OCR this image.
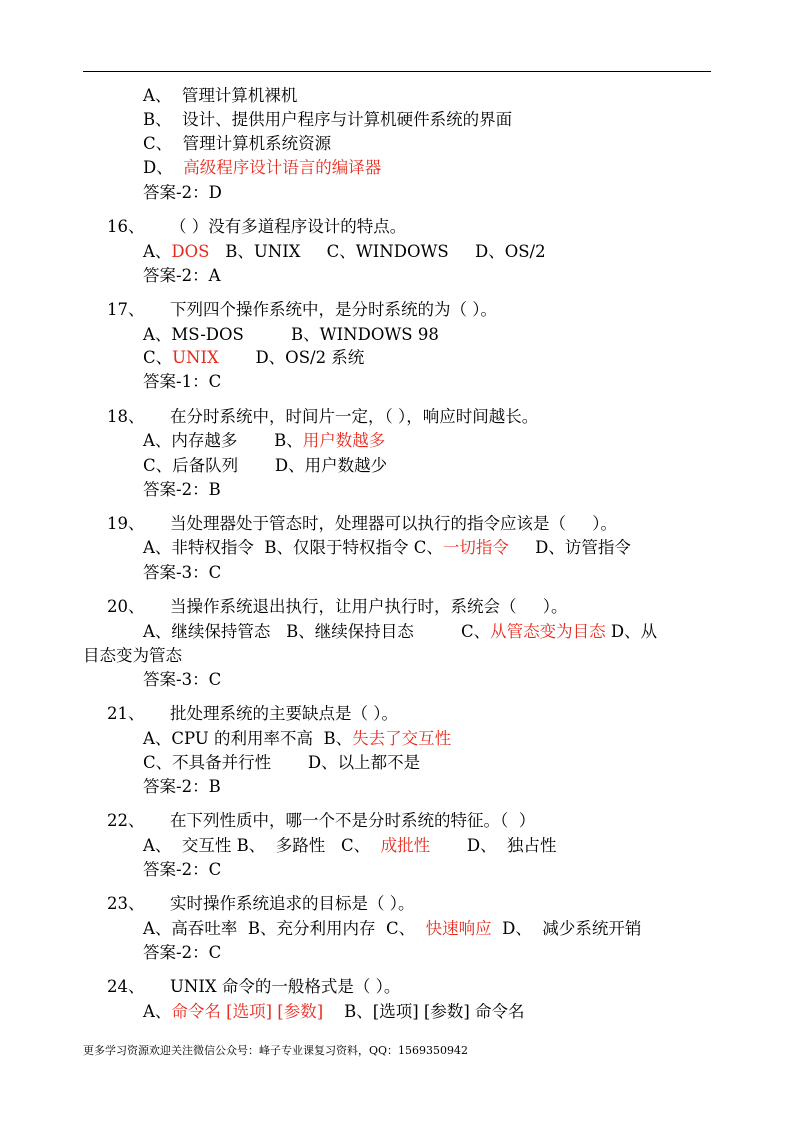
A、  管理计算机裸机
B、  设计、提供用户程序与计算机硬件系统的界面
C、  管理计算机系统资源
D、  高级程序设计语言的编译器
答案-2：D
16、 （ ）没有多道程序设计的特点。
A、DOS   B、UNIX     C、WINDOWS     D、OS/2
答案-2：A
17、 下列四个操作系统中，是分时系统的为（ ）。
A、MS-DOS         B、WINDOWS 98
C、UNIX       D、OS/2 系统
答案-1：C
18、 在分时系统中，时间片一定，（ ），响应时间越长。
A、内存越多       B、用户数越多
C、后备队列       D、用户数越少
答案-2：B
19、 当处理器处于管态时，处理器可以执行的指令应该是（     ）。
A、非特权指令  B、仅限于特权指令 C、一切指令     D、访管指令
答案-3：C
20、 当操作系统退出执行，让用户执行时，系统会（     ）。
A、继续保持管态   B、继续保持目态         C、从管态变为目态 D、从
目态变为管态
答案-3：C
21、 批处理系统的主要缺点是（ ）。
A、CPU 的利用率不高  B、失去了交互性
C、不具备并行性       D、以上都不是
答案-2：B
22、 在下列性质中，哪一个不是分时系统的特征。（  ）
A、  交互性 B、  多路性   C、  成批性       D、  独占性
答案-2：C
23、 实时操作系统追求的目标是（ ）。
A、高吞吐率  B、充分利用内存  C、  快速响应  D、  减少系统开销
答案-2：C
24、 UNIX 命令的一般格式是（ ）。
A、命令名 [选项] [参数]    B、[选项] [参数] 命令名
更多学习资源欢迎关注微信公众号：峰子专业课复习资料，QQ：1569350942
